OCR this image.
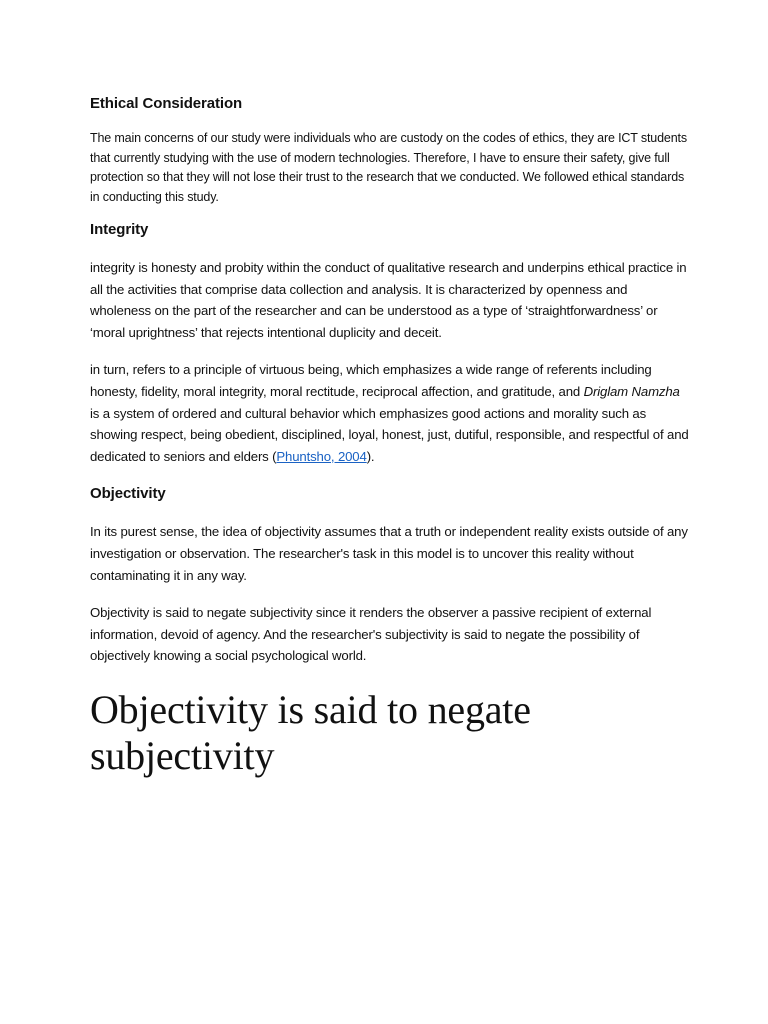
Ethical Consideration

The main concerns of our study were individuals who are custody on the codes of ethics, they are ICT students that currently studying with the use of modern technologies. Therefore, I have to ensure their safety, give full protection so that they will not lose their trust to the research that we conducted. We followed ethical standards in conducting this study.

Integrity

integrity is honesty and probity within the conduct of qualitative research and underpins ethical practice in all the activities that comprise data collection and analysis. It is characterized by openness and wholeness on the part of the researcher and can be understood as a type of ‘straightforwardness’ or ‘moral uprightness’ that rejects intentional duplicity and deceit.

in turn, refers to a principle of virtuous being, which emphasizes a wide range of referents including honesty, fidelity, moral integrity, moral rectitude, reciprocal affection, and gratitude, and Driglam Namzha is a system of ordered and cultural behavior which emphasizes good actions and morality such as showing respect, being obedient, disciplined, loyal, honest, just, dutiful, responsible, and respectful of and dedicated to seniors and elders (Phuntsho, 2004).

Objectivity

In its purest sense, the idea of objectivity assumes that a truth or independent reality exists outside of any investigation or observation. The researcher's task in this model is to uncover this reality without contaminating it in any way.

Objectivity is said to negate subjectivity since it renders the observer a passive recipient of external information, devoid of agency. And the researcher's subjectivity is said to negate the possibility of objectively knowing a social psychological world.

Objectivity is said to negate subjectivity
